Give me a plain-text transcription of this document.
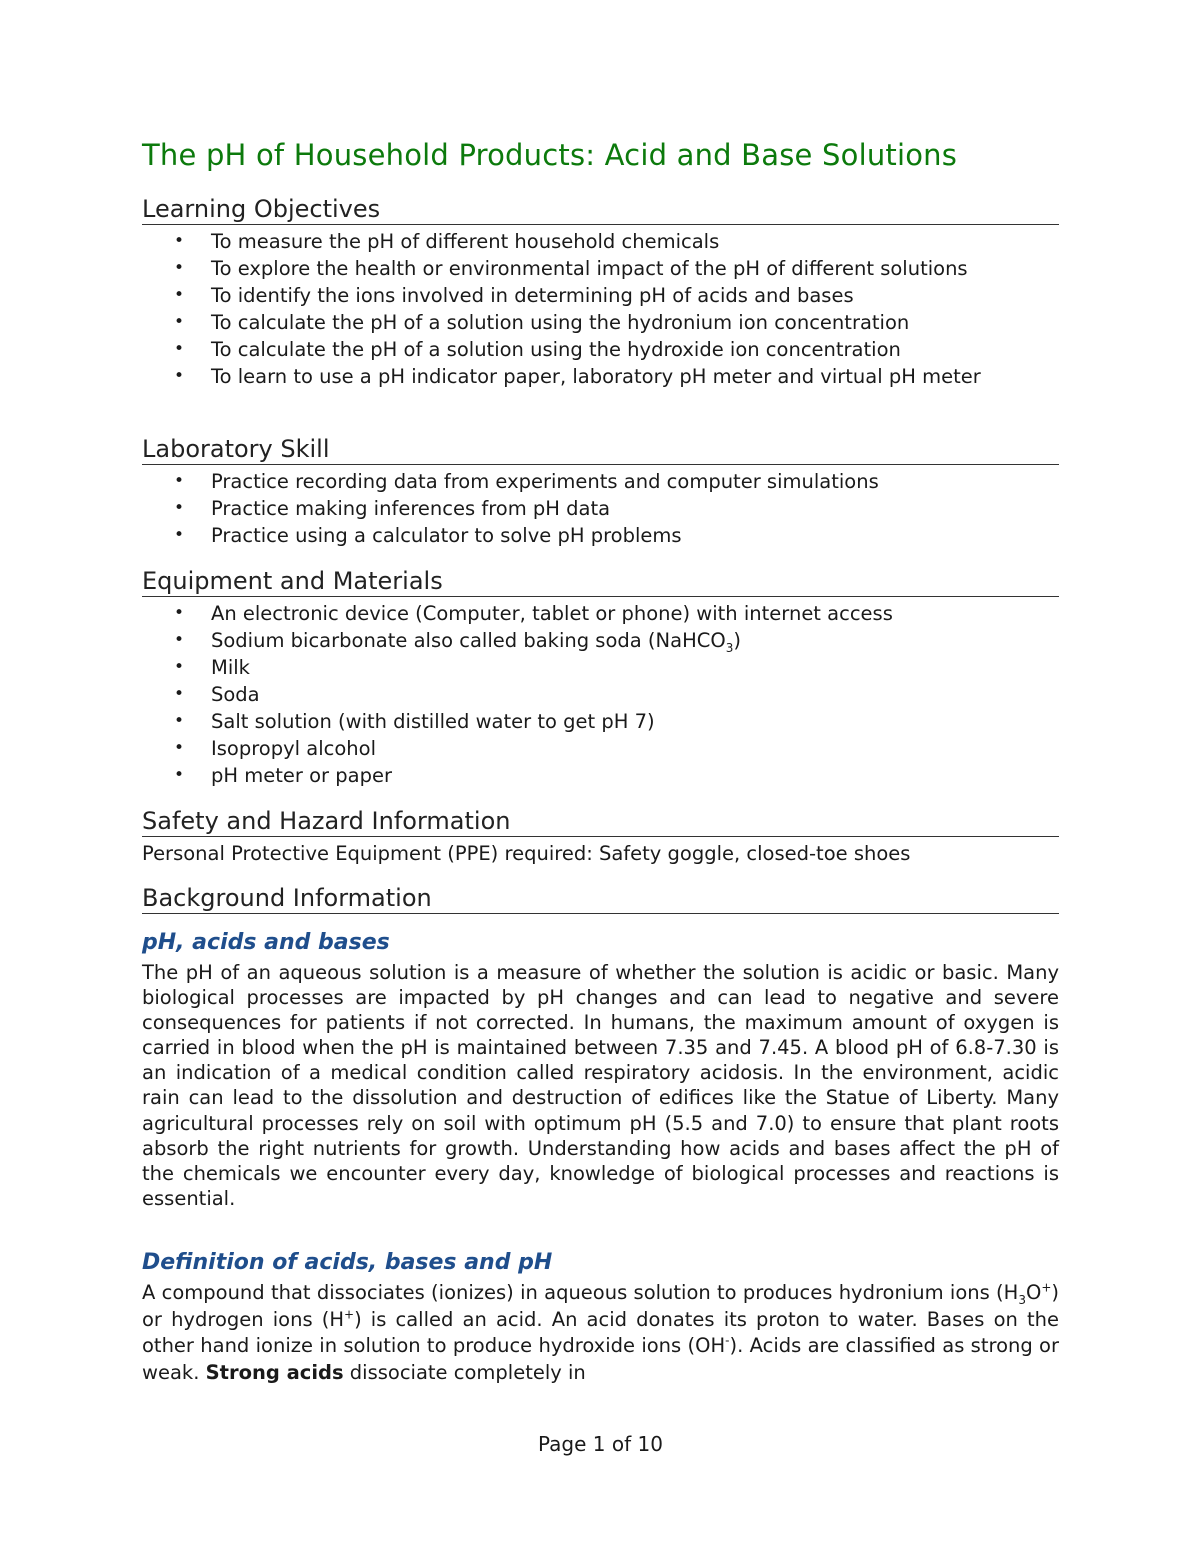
The pH of Household Products: Acid and Base Solutions
Learning Objectives
• To measure the pH of different household chemicals
• To explore the health or environmental impact of the pH of different solutions
• To identify the ions involved in determining pH of acids and bases
• To calculate the pH of a solution using the hydronium ion concentration
• To calculate the pH of a solution using the hydroxide ion concentration
• To learn to use a pH indicator paper, laboratory pH meter and virtual pH meter
Laboratory Skill
• Practice recording data from experiments and computer simulations
• Practice making inferences from pH data
• Practice using a calculator to solve pH problems
Equipment and Materials
• An electronic device (Computer, tablet or phone) with internet access
• Sodium bicarbonate also called baking soda (NaHCO$_3$)
• Milk
• Soda
• Salt solution (with distilled water to get pH 7)
• Isopropyl alcohol
• pH meter or paper
Safety and Hazard Information

Personal Protective Equipment (PPE) required: Safety goggle, closed-toe shoes

Background Information
pH, acids and bases

The pH of an aqueous solution is a measure of whether the solution is acidic or basic. Many biological processes are impacted by pH changes and can lead to negative and severe consequences for patients if not corrected. In humans, the maximum amount of oxygen is carried in blood when the pH is maintained between 7.35 and 7.45. A blood pH of 6.8-7.30 is an indication of a medical condition called respiratory acidosis. In the environment, acidic rain can lead to the dissolution and destruction of edifices like the Statue of Liberty. Many agricultural processes rely on soil with optimum pH (5.5 and 7.0) to ensure that plant roots absorb the right nutrients for growth. Understanding how acids and bases affect the pH of the chemicals we encounter every day, knowledge of biological processes and reactions is essential.

Definition of acids, bases and pH

A compound that dissociates (ionizes) in aqueous solution to produces hydronium ions $(H_3O^+)$ or hydrogen ions (H+) is called an acid. An acid donates its proton to water. Bases on the other hand ionize in solution to produce hydroxide ions (OH-). Acids are classified as strong or weak. Strong acids dissociate completely in

Page 1 of 10
